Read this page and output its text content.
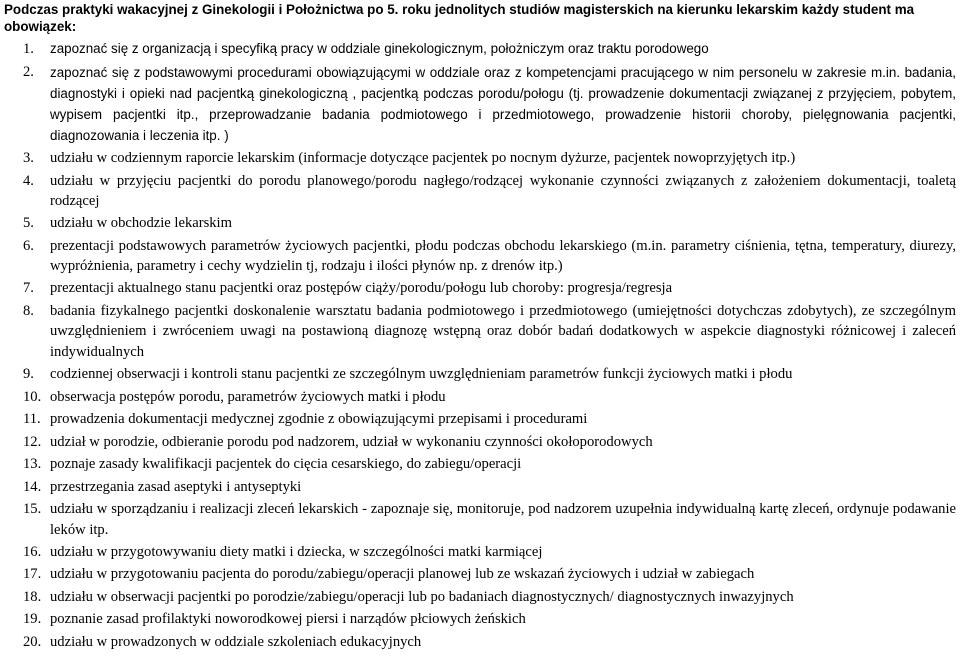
Podczas praktyki wakacyjnej z Ginekologii i Położnictwa po 5. roku jednolitych studiów magisterskich na kierunku lekarskim każdy student ma obowiązek:

1. zapoznać się z organizacją i specyfiką pracy w oddziale ginekologicznym, położniczym oraz traktu porodowego
2. zapoznać się z podstawowymi procedurami obowiązującymi w oddziale oraz z kompetencjami pracującego w nim personelu w zakresie m.in. badania, diagnostyki i opieki nad pacjentką ginekologiczną , pacjentką podczas porodu/połogu (tj. prowadzenie dokumentacji związanej z przyjęciem, pobytem, wypisem pacjentki itp., przeprowadzanie badania podmiotowego i przedmiotowego, prowadzenie historii choroby, pielęgnowania pacjentki, diagnozowania i leczenia itp. )
3. udziału w codziennym raporcie lekarskim (informacje dotyczące pacjentek po nocnym dyżurze, pacjentek nowoprzyjętych itp.)
4. udziału w przyjęciu pacjentki do porodu planowego/porodu nagłego/rodzącej wykonanie czynności związanych z założeniem dokumentacji, toaletą rodzącej
5. udziału w obchodzie lekarskim
6. prezentacji podstawowych parametrów życiowych pacjentki, płodu podczas obchodu lekarskiego (m.in. parametry ciśnienia, tętna, temperatury, diurezy, wypróżnienia, parametry i cechy wydzielin tj, rodzaju i ilości płynów np. z drenów itp.)
7. prezentacji aktualnego stanu pacjentki oraz postępów ciąży/porodu/połogu lub choroby: progresja/regresja
8. badania fizykalnego pacjentki doskonalenie warsztatu badania podmiotowego i przedmiotowego (umiejętności dotychczas zdobytych), ze szczególnym uwzględnieniem i zwróceniem uwagi na postawioną diagnozę wstępną oraz dobór badań dodatkowych w aspekcie diagnostyki różnicowej i zaleceń indywidualnych
9. codziennej obserwacji i kontroli stanu pacjentki ze szczególnym uwzględnieniam parametrów funkcji życiowych matki i płodu
10. obserwacja postępów porodu, parametrów życiowych matki i płodu
11. prowadzenia dokumentacji medycznej zgodnie z obowiązującymi przepisami i procedurami
12. udział w porodzie, odbieranie porodu pod nadzorem, udział w wykonaniu czynności okołoporodowych
13. poznaje zasady kwalifikacji pacjentek do cięcia cesarskiego, do zabiegu/operacji
14. przestrzegania zasad aseptyki i antyseptyki
15. udziału w sporządzaniu i realizacji zleceń lekarskich - zapoznaje się, monitoruje, pod nadzorem uzupełnia indywidualną kartę zleceń, ordynuje podawanie leków itp.
16. udziału w przygotowywaniu diety matki i dziecka, w szczególności matki karmiącej
17. udziału w przygotowaniu pacjenta do porodu/zabiegu/operacji planowej lub ze wskazań życiowych i udział w zabiegach
18. udziału w obserwacji pacjentki po porodzie/zabiegu/operacji lub po badaniach diagnostycznych/ diagnostycznych inwazyjnych
19. poznanie zasad profilaktyki noworodkowej piersi i narządów płciowych żeńskich
20. udziału w prowadzonych w oddziale szkoleniach edukacyjnych
